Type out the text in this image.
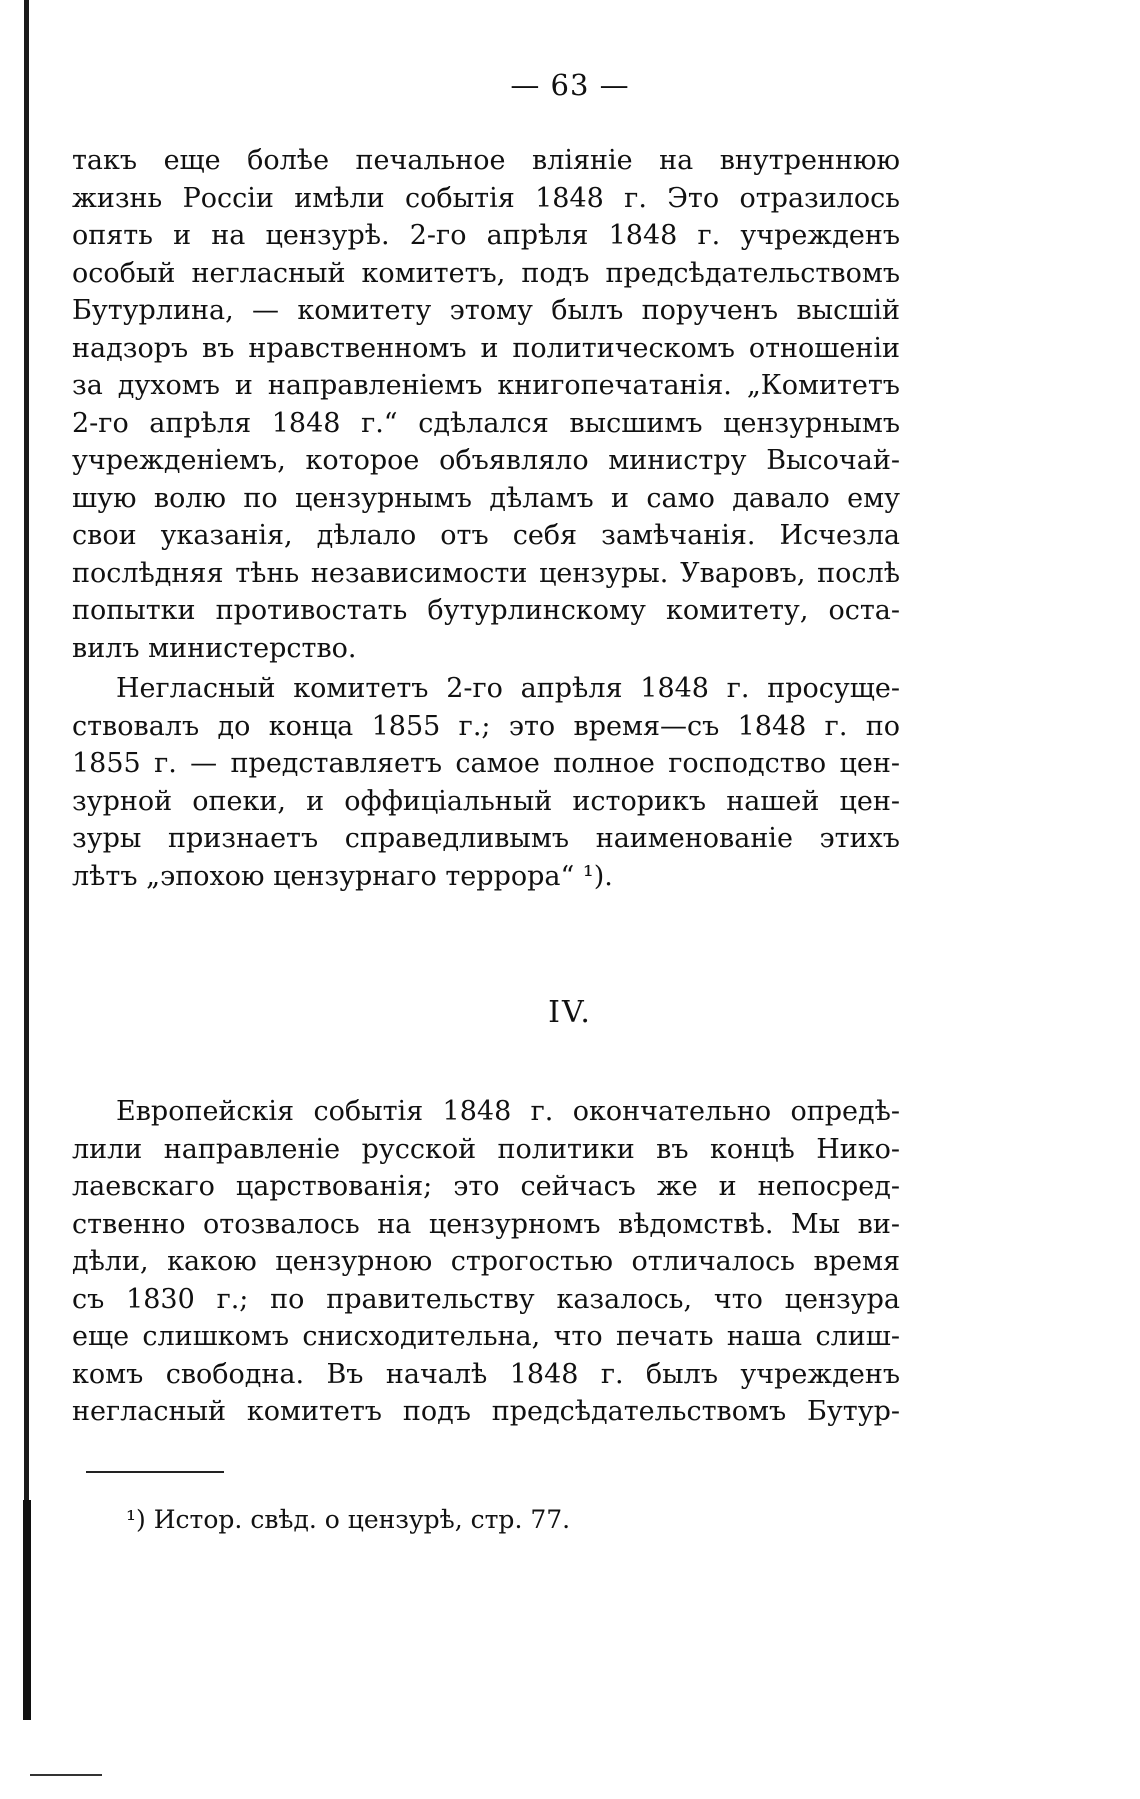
— 63 —
такъ еще болѣе печальное вліяніе на внутреннюю
жизнь Россіи имѣли событія 1848 г. Это отразилось
опять и на цензурѣ. 2-го апрѣля 1848 г. учрежденъ
особый негласный комитетъ, подъ предсѣдательствомъ
Бутурлина, — комитету этому былъ порученъ высшій
надзоръ въ нравственномъ и политическомъ отношеніи
за духомъ и направленіемъ книгопечатанія. „Комитетъ
2-го апрѣля 1848 г.“ сдѣлался высшимъ цензурнымъ
учрежденіемъ, которое объявляло министру Высочай-
шую волю по цензурнымъ дѣламъ и само давало ему
свои указанія, дѣлало отъ себя замѣчанія. Исчезла
послѣдняя тѣнь независимости цензуры. Уваровъ, послѣ
попытки противостать бутурлинскому комитету, оста-
вилъ министерство.
Негласный комитетъ 2-го апрѣля 1848 г. просуще-
ствовалъ до конца 1855 г.; это время—съ 1848 г. по
1855 г. — представляетъ самое полное господство цен-
зурной опеки, и оффиціальный историкъ нашей цен-
зуры признаетъ справедливымъ наименованіе этихъ
лѣтъ „эпохою цензурнаго террора“ ¹).
IV.
Европейскія событія 1848 г. окончательно опредѣ-
лили направленіе русской политики въ концѣ Нико-
лаевскаго царствованія; это сейчасъ же и непосред-
ственно отозвалось на цензурномъ вѣдомствѣ. Мы ви-
дѣли, какою цензурною строгостью отличалось время
съ 1830 г.; по правительству казалось, что цензура
еще слишкомъ снисходительна, что печать наша слиш-
комъ свободна. Въ началѣ 1848 г. былъ учрежденъ
негласный комитетъ подъ предсѣдательствомъ Бутур-
¹) Истор. свѣд. о цензурѣ, стр. 77.
